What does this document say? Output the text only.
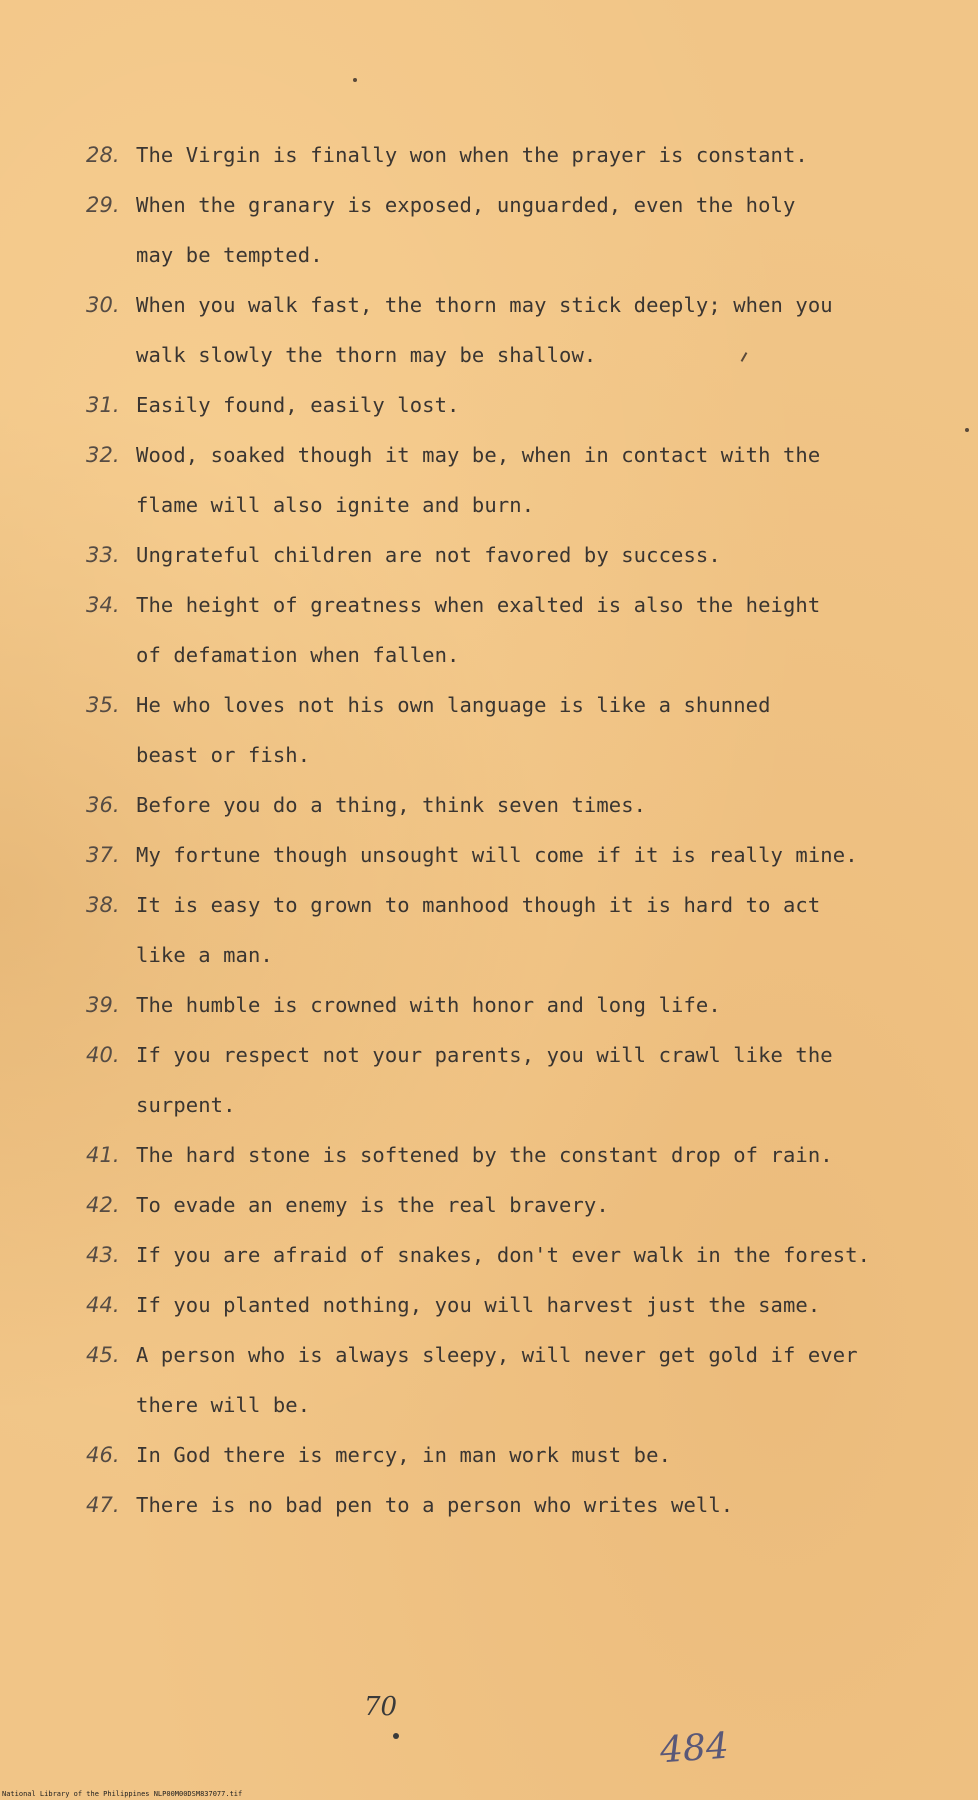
28. The Virgin is finally won when the prayer is constant.
29. When the granary is exposed, unguarded, even the holy
may be tempted.
30. When you walk fast, the thorn may stick deeply; when you
walk slowly the thorn may be shallow.
31. Easily found, easily lost.
32. Wood, soaked though it may be, when in contact with the
flame will also ignite and burn.
33. Ungrateful children are not favored by success.
34. The height of greatness when exalted is also the height
of defamation when fallen.
35. He who loves not his own language is like a shunned
beast or fish.
36. Before you do a thing, think seven times.
37. My fortune though unsought will come if it is really mine.
38. It is easy to grown to manhood though it is hard to act
like a man.
39. The humble is crowned with honor and long life.
40. If you respect not your parents, you will crawl like the
surpent.
41. The hard stone is softened by the constant drop of rain.
42. To evade an enemy is the real bravery.
43. If you are afraid of snakes, don't ever walk in the forest.
44. If you planted nothing, you will harvest just the same.
45. A person who is always sleepy, will never get gold if ever
there will be.
46. In God there is mercy, in man work must be.
47. There is no bad pen to a person who writes well.
70
484
National Library of the Philippines NLP00M00DSM837077.tif
